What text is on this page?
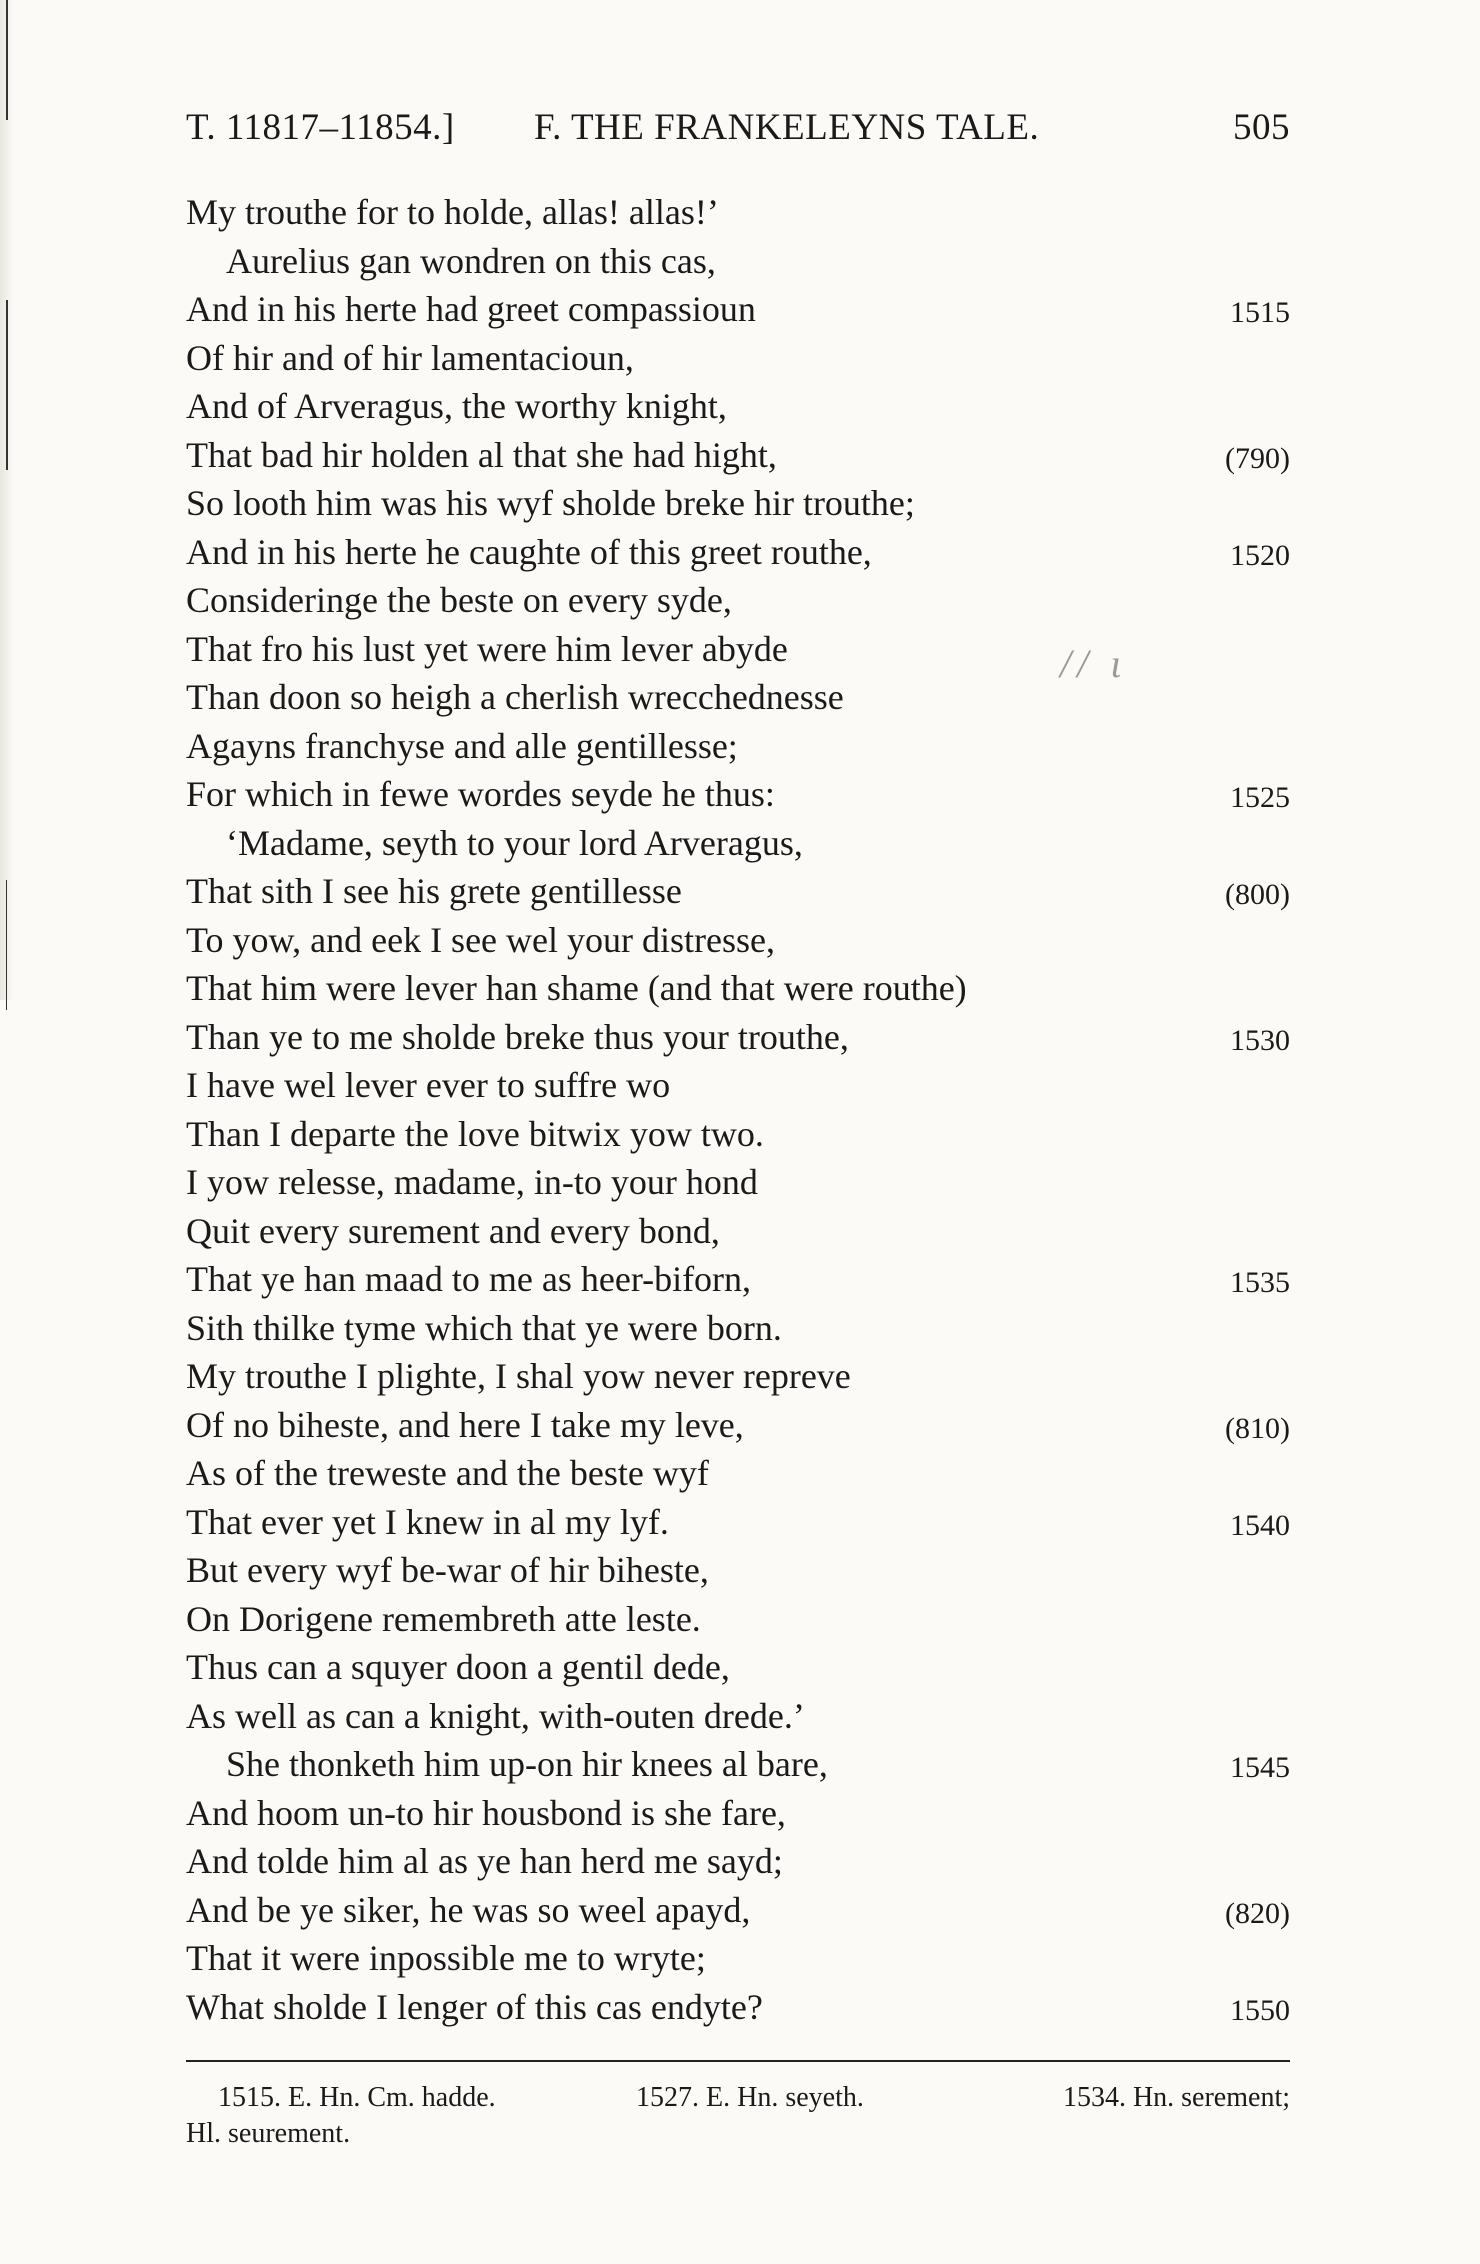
T. 11817–11854.] F. THE FRANKELEYNS TALE.	505
My trouthe for to holde, allas! allas!’
Aurelius gan wondren on this cas,
And in his herte had greet compassioun	1515
Of hir and of hir lamentacioun,
And of Arveragus, the worthy knight,
That bad hir holden al that she had hight,	(790)
So looth him was his wyf sholde breke hir trouthe;
And in his herte he caughte of this greet routhe,	1520
Consideringe the beste on every syde,
That fro his lust yet were him lever abyde
Than doon so heigh a cherlish wrecchednesse
Agayns franchyse and alle gentillesse;
For which in fewe wordes seyde he thus:	1525
‘Madame, seyth to your lord Arveragus,
That sith I see his grete gentillesse	(800)
To yow, and eek I see wel your distresse,
That him were lever han shame (and that were routhe)
Than ye to me sholde breke thus your trouthe,	1530
I have wel lever ever to suffre wo
Than I departe the love bitwix yow two.
I yow relesse, madame, in-to your hond
Quit every surement and every bond,
That ye han maad to me as heer-biforn,	1535
Sith thilke tyme which that ye were born.
My trouthe I plighte, I shal yow never repreve
Of no biheste, and here I take my leve,	(810)
As of the treweste and the beste wyf
That ever yet I knew in al my lyf.	1540
But every wyf be-war of hir biheste,
On Dorigene remembreth atte leste.
Thus can a squyer doon a gentil dede,
As well as can a knight, with-outen drede.’
She thonketh him up-on hir knees al bare,	1545
And hoom un-to hir housbond is she fare,
And tolde him al as ye han herd me sayd;
And be ye siker, he was so weel apayd,	(820)
That it were inpossible me to wryte;
What sholde I lenger of this cas endyte?	1550
// ι
1515. E. Hn. Cm. hadde.	1527. E. Hn. seyeth.	1534. Hn. serement;
Hl. seurement.
